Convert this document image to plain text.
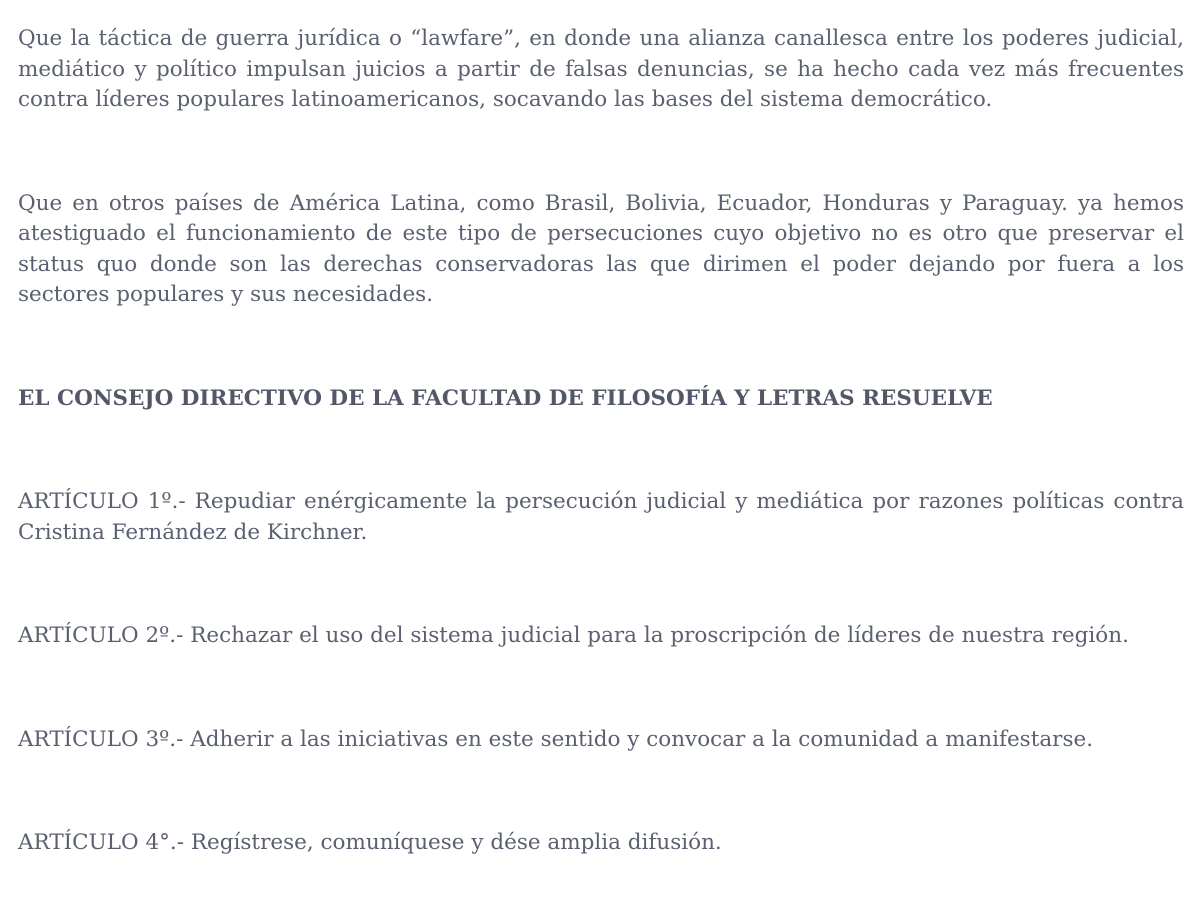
Que la táctica de guerra jurídica o “lawfare”, en donde una alianza canallesca entre los poderes judicial, mediático y político impulsan juicios a partir de falsas denuncias, se ha hecho cada vez más frecuentes contra líderes populares latinoamericanos, socavando las bases del sistema democrático.

Que en otros países de América Latina, como Brasil, Bolivia, Ecuador, Honduras y Paraguay. ya hemos atestiguado el funcionamiento de este tipo de persecuciones cuyo objetivo no es otro que preservar el status quo donde son las derechas conservadoras las que dirimen el poder dejando por fuera a los sectores populares y sus necesidades.

EL CONSEJO DIRECTIVO DE LA FACULTAD DE FILOSOFÍA Y LETRAS RESUELVE

ARTÍCULO 1º.- Repudiar enérgicamente la persecución judicial y mediática por razones políticas contra Cristina Fernández de Kirchner.

ARTÍCULO 2º.- Rechazar el uso del sistema judicial para la proscripción de líderes de nuestra región.

ARTÍCULO 3º.- Adherir a las iniciativas en este sentido y convocar a la comunidad a manifestarse.

ARTÍCULO 4°.- Regístrese, comuníquese y dése amplia difusión.
